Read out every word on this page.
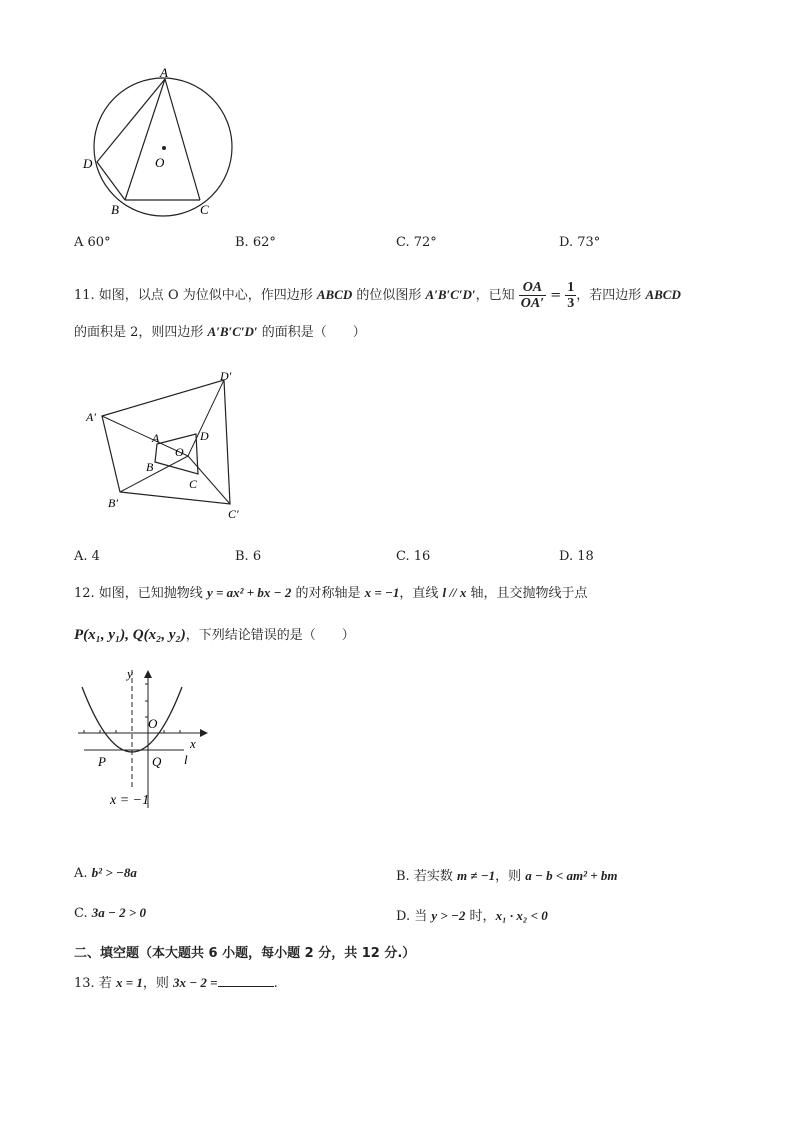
A
O
D
B	C
A 60°	B. 62°	C. 72°	D. 73°
11. 如图，以点 O 为位似中心，作四边形 ABCD 的位似图形 A′B′C′D′，已知 $\frac{OA}{OA'} = \frac{1}{3}$ ，若四边形 ABCD
的面积是 2，则四边形 A′B′C′D′ 的面积是（　　）
D′
A′
A	D
O
B
C
B′
C′
A. 4	B. 6	C. 16	D. 18
12. 如图，已知抛物线 y = ax² + bx − 2 的对称轴是 x = −1，直线 l // x 轴，且交抛物线于点
P(x₁, y₁), Q(x₂, y₂)，下列结论错误的是（　　）
y
x
O
P	Q l
x = −1
A. b² > −8a	B. 若实数 m ≠ −1，则 a − b < am² + bm
C. 3a − 2 > 0	D. 当 y > −2 时，x₁ · x₂ < 0
二、填空题（本大题共 6 小题，每小题 2 分，共 12 分.）
13. 若 x = 1，则 3x − 2 =	.
